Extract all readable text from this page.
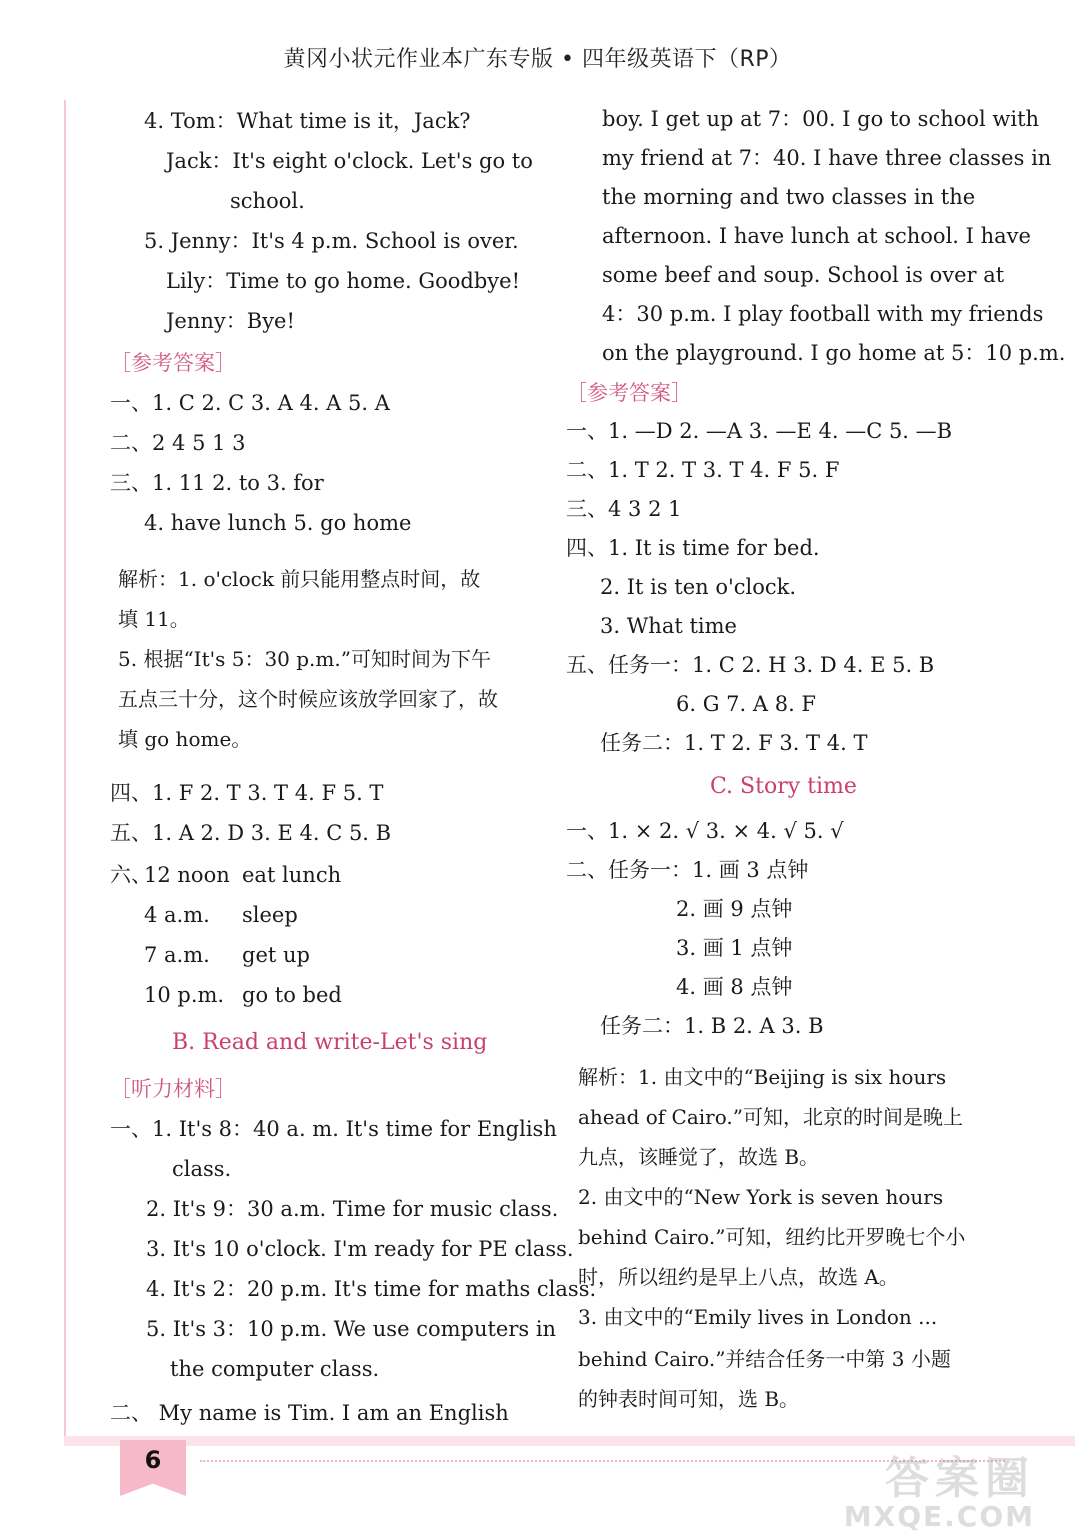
黄冈小状元作业本广东专版 • 四年级英语下（RP）
6	答案圈
MXQE.COM
4. Tom：What time is it，Jack?
Jack：It's eight o'clock. Let's go to
school.
5. Jenny：It's 4 p.m. School is over.
Lily：Time to go home. Goodbye!
Jenny：Bye!
［参考答案］
一、1. C 2. C 3. A 4. A 5. A
二、2 4 5 1 3
三、1. 11 2. to 3. for
4. have lunch 5. go home
解析：1. o'clock 前只能用整点时间，故
填 11。
5. 根据“It's 5：30 p.m.”可知时间为下午
五点三十分，这个时候应该放学回家了，故
填 go home。
四、1. F 2. T 3. T 4. F 5. T
五、1. A 2. D 3. E 4. C 5. B
六、
12 noon eat lunch
4 a.m. sleep
7 a.m. get up
10 p.m. go to bed
B. Read and write-Let's sing
［听力材料］
一、1. It's 8：40 a. m. It's time for English
class.
2. It's 9：30 a.m. Time for music class.
3. It's 10 o'clock. I'm ready for PE class.
4. It's 2：20 p.m. It's time for maths class.
5. It's 3：10 p.m. We use computers in
the computer class.
二、 My name is Tim. I am an English
boy. I get up at 7：00. I go to school with
my friend at 7：40. I have three classes in
the morning and two classes in the
afternoon. I have lunch at school. I have
some beef and soup. School is over at
4：30 p.m. I play football with my friends
on the playground. I go home at 5：10 p.m.
［参考答案］
一、1. —D 2. —A 3. —E 4. —C 5. —B
二、1. T 2. T 3. T 4. F 5. F
三、4 3 2 1
四、1. It is time for bed.
2. It is ten o'clock.
3. What time
五、任务一：1. C 2. H 3. D 4. E 5. B
6. G 7. A 8. F
任务二：1. T 2. F 3. T 4. T
C. Story time
一、1. × 2. √ 3. × 4. √ 5. √
二、任务一：1. 画 3 点钟
2. 画 9 点钟
3. 画 1 点钟
4. 画 8 点钟
任务二：1. B 2. A 3. B
解析：1. 由文中的“Beijing is six hours
ahead of Cairo.”可知，北京的时间是晚上
九点，该睡觉了，故选 B。
2. 由文中的“New York is seven hours
behind Cairo.”可知，纽约比开罗晚七个小
时，所以纽约是早上八点，故选 A。
3. 由文中的“Emily lives in London ...
behind Cairo.”并结合任务一中第 3 小题
的钟表时间可知，选 B。
